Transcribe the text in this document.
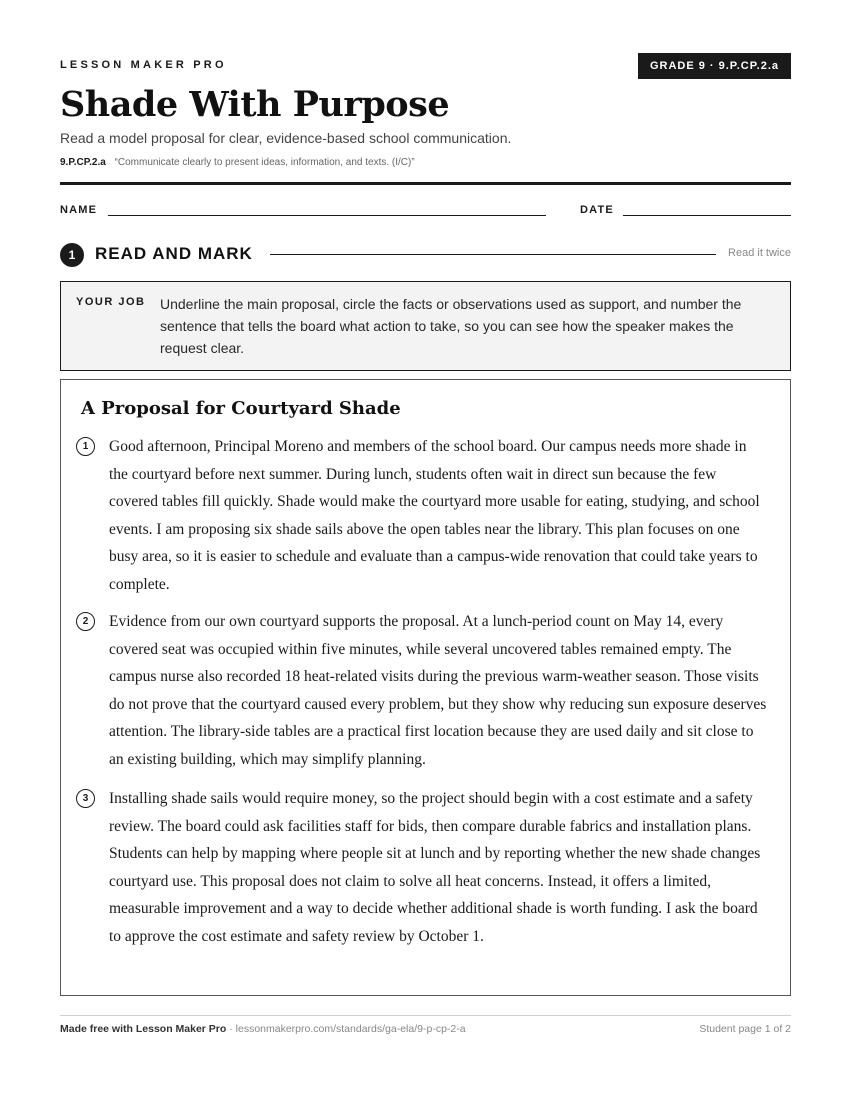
LESSON MAKER PRO	GRADE 9 · 9.P.CP.2.a
Shade With Purpose
Read a model proposal for clear, evidence-based school communication.
9.P.CP.2.a “Communicate clearly to present ideas, information, and texts. (I/C)”
NAME	DATE
1	READ AND MARK	Read it twice
YOUR JOB Underline the main proposal, circle the facts or observations used as support, and number the sentence that tells the board what action to take, so you can see how the speaker makes the request clear.
A Proposal for Courtyard Shade
1	Good afternoon, Principal Moreno and members of the school board. Our campus needs more shade in the courtyard before next summer. During lunch, students often wait in direct sun because the few covered tables fill quickly. Shade would make the courtyard more usable for eating, studying, and school events. I am proposing six shade sails above the open tables near the library. This plan focuses on one busy area, so it is easier to schedule and evaluate than a campus-wide renovation that could take years to complete.

2	Evidence from our own courtyard supports the proposal. At a lunch-period count on May 14, every covered seat was occupied within five minutes, while several uncovered tables remained empty. The campus nurse also recorded 18 heat-related visits during the previous warm-weather season. Those visits do not prove that the courtyard caused every problem, but they show why reducing sun exposure deserves attention. The library-side tables are a practical first location because they are used daily and sit close to an existing building, which may simplify planning.

3	Installing shade sails would require money, so the project should begin with a cost estimate and a safety review. The board could ask facilities staff for bids, then compare durable fabrics and installation plans. Students can help by mapping where people sit at lunch and by reporting whether the new shade changes courtyard use. This proposal does not claim to solve all heat concerns. Instead, it offers a limited, measurable improvement and a way to decide whether additional shade is worth funding. I ask the board to approve the cost estimate and safety review by October 1.

Made free with Lesson Maker Pro · lessonmakerpro.com/standards/ga-ela/9-p-cp-2-a	Student page 1 of 2
